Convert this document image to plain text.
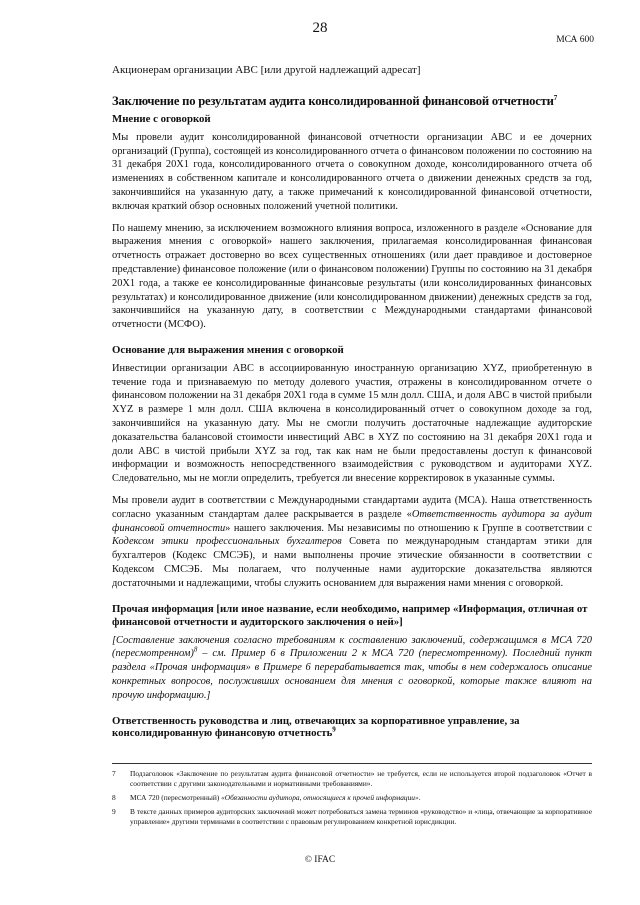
28
МСА 600

Акционерам организации ABC [или другой надлежащий адресат]

Заключение по результатам аудита консолидированной финансовой отчетности$^7$
Мнение с оговоркой

Мы провели аудит консолидированной финансовой отчетности организации ABC и ее дочерних организаций (Группа), состоящей из консолидированного отчета о финансовом положении по состоянию на 31 декабря 20X1 года, консолидированного отчета о совокупном доходе, консолидированного отчета об изменениях в собственном капитале и консолидированного отчета о движении денежных средств за год, закончившийся на указанную дату, а также примечаний к консолидированной финансовой отчетности, включая краткий обзор основных положений учетной политики.

По нашему мнению, за исключением возможного влияния вопроса, изложенного в разделе «Основание для выражения мнения с оговоркой» нашего заключения, прилагаемая консолидированная финансовая отчетность отражает достоверно во всех существенных отношениях (или дает правдивое и достоверное представление) финансовое положение (или о финансовом положении) Группы по состоянию на 31 декабря 20X1 года, а также ее консолидированные финансовые результаты (или консолидированных финансовых результатах) и консолидированное движение (или консолидированном движении) денежных средств за год, закончившийся на указанную дату, в соответствии с Международными стандартами финансовой отчетности (МСФО).

Основание для выражения мнения с оговоркой

Инвестиции организации ABC в ассоциированную иностранную организацию XYZ, приобретенную в течение года и признаваемую по методу долевого участия, отражены в консолидированном отчете о финансовом положении на 31 декабря 20X1 года в сумме 15 млн долл. США, и доля ABC в чистой прибыли XYZ в размере 1 млн долл. США включена в консолидированный отчет о совокупном доходе за год, закончившийся на указанную дату. Мы не смогли получить достаточные надлежащие аудиторские доказательства балансовой стоимости инвестиций ABC в XYZ по состоянию на 31 декабря 20X1 года и доли ABC в чистой прибыли XYZ за год, так как нам не были предоставлены доступ к финансовой информации и возможность непосредственного взаимодействия с руководством и аудиторами XYZ. Следовательно, мы не могли определить, требуется ли внесение корректировок в указанные суммы.

Мы провели аудит в соответствии с Международными стандартами аудита (МСА). Наша ответственность согласно указанным стандартам далее раскрывается в разделе «Ответственность аудитора за аудит финансовой отчетности» нашего заключения. Мы независимы по отношению к Группе в соответствии с Кодексом этики профессиональных бухгалтеров Совета по международным стандартам этики для бухгалтеров (Кодекс СМСЭБ), и нами выполнены прочие этические обязанности в соответствии с Кодексом СМСЭБ. Мы полагаем, что полученные нами аудиторские доказательства являются достаточными и надлежащими, чтобы служить основанием для выражения нами мнения с оговоркой.

Прочая информация [или иное название, если необходимо, например «Информация, отличная от финансовой отчетности и аудиторского заключения о ней»]

[Составление заключения согласно требованиям к составлению заключений, содержащимся в МСА 720 (пересмотренном)$^8$ – см. Пример 6 в Приложении 2 к МСА 720 (пересмотренному). Последний пункт раздела «Прочая информация» в Примере 6 перерабатывается так, чтобы в нем содержалось описание конкретных вопросов, послуживших основанием для мнения с оговоркой, которые также влияют на прочую информацию.]

Ответственность руководства и лиц, отвечающих за корпоративное управление, за консолидированную финансовую отчетность$^9$
7	Подзаголовок «Заключение по результатам аудита финансовой отчетности» не требуется, если не используется второй подзаголовок «Отчет в соответствии с другими законодательными и нормативными требованиями».
8	МСА 720 (пересмотренный) «Обязанности аудитора, относящиеся к прочей информации».
9	В тексте данных примеров аудиторских заключений может потребоваться замена терминов «руководство» и «лица, отвечающие за корпоративное управление» другими терминами в соответствии с правовым регулированием конкретной юрисдикции.
© IFAC
